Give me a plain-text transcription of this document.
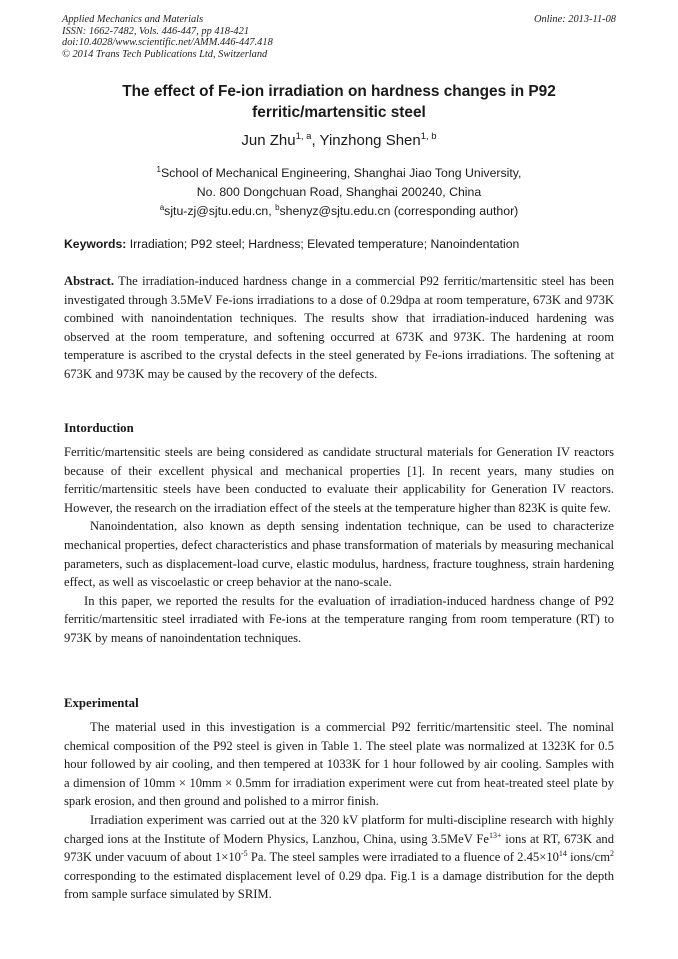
Applied Mechanics and Materials
ISSN: 1662-7482, Vols. 446-447, pp 418-421
doi:10.4028/www.scientific.net/AMM.446-447.418
© 2014 Trans Tech Publications Ltd, Switzerland
Online: 2013-11-08
The effect of Fe-ion irradiation on hardness changes in P92
ferritic/martensitic steel
Jun Zhu$^{1, a}$, Yinzhong Shen$^{1, b}$
$^1$School of Mechanical Engineering, Shanghai Jiao Tong University,
No. 800 Dongchuan Road, Shanghai 200240, China
$^a$sjtu-zj@sjtu.edu.cn, $^b$shenyz@sjtu.edu.cn (corresponding author)
Keywords: Irradiation; P92 steel; Hardness; Elevated temperature; Nanoindentation

Abstract. The irradiation-induced hardness change in a commercial P92 ferritic/martensitic steel has been investigated through 3.5MeV Fe-ions irradiations to a dose of 0.29dpa at room temperature, 673K and 973K combined with nanoindentation techniques. The results show that irradiation-induced hardening was observed at the room temperature, and softening occurred at 673K and 973K. The hardening at room temperature is ascribed to the crystal defects in the steel generated by Fe-ions irradiations. The softening at 673K and 973K may be caused by the recovery of the defects.

Intorduction

Ferritic/martensitic steels are being considered as candidate structural materials for Generation IV reactors because of their excellent physical and mechanical properties [1]. In recent years, many studies on ferritic/martensitic steels have been conducted to evaluate their applicability for Generation IV reactors. However, the research on the irradiation effect of the steels at the temperature higher than 823K is quite few.

Nanoindentation, also known as depth sensing indentation technique, can be used to characterize mechanical properties, defect characteristics and phase transformation of materials by measuring mechanical parameters, such as displacement-load curve, elastic modulus, hardness, fracture toughness, strain hardening effect, as well as viscoelastic or creep behavior at the nano-scale.

In this paper, we reported the results for the evaluation of irradiation-induced hardness change of P92 ferritic/martensitic steel irradiated with Fe-ions at the temperature ranging from room temperature (RT) to 973K by means of nanoindentation techniques.

Experimental

The material used in this investigation is a commercial P92 ferritic/martensitic steel. The nominal chemical composition of the P92 steel is given in Table 1. The steel plate was normalized at 1323K for 0.5 hour followed by air cooling, and then tempered at 1033K for 1 hour followed by air cooling. Samples with a dimension of 10mm × 10mm × 0.5mm for irradiation experiment were cut from heat-treated steel plate by spark erosion, and then ground and polished to a mirror finish.

Irradiation experiment was carried out at the 320 kV platform for multi-discipline research with highly charged ions at the Institute of Modern Physics, Lanzhou, China, using 3.5MeV $Fe^{13+}$ ions at RT, 673K and 973K under vacuum of about $1\times 10^{-5}$ Pa. The steel samples were irradiated to a fluence of $2.45\times 10^{14}$ ions/$cm^2$ corresponding to the estimated displacement level of 0.29 dpa. Fig.1 is a damage distribution for the depth from sample surface simulated by SRIM.
